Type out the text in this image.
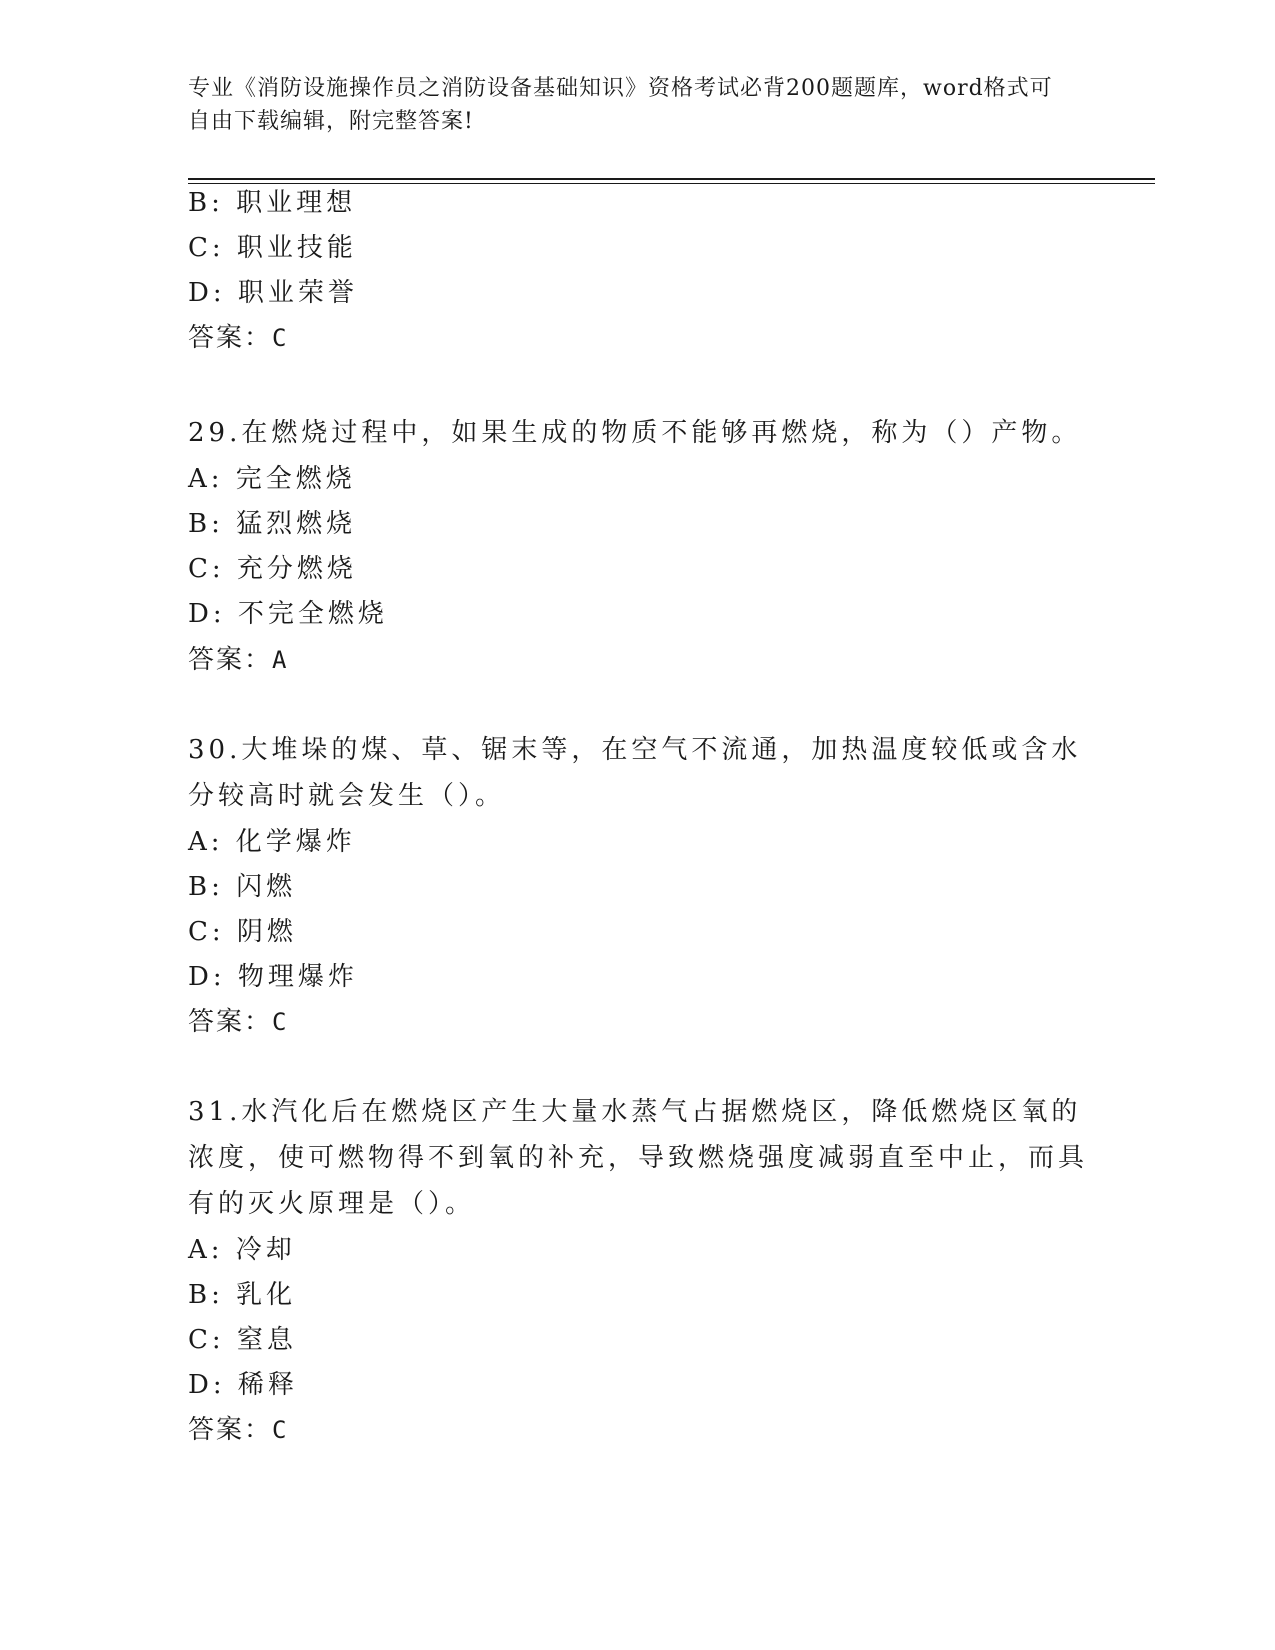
专业《消防设施操作员之消防设备基础知识》资格考试必背200题题库，word格式可自由下载编辑，附完整答案!
B: 职业理想
C: 职业技能
D: 职业荣誉
答案：C
29.在燃烧过程中，如果生成的物质不能够再燃烧，称为（）产物。
A: 完全燃烧
B: 猛烈燃烧
C: 充分燃烧
D: 不完全燃烧
答案：A
30.大堆垛的煤、草、锯末等，在空气不流通，加热温度较低或含水分较高时就会发生（）。
A: 化学爆炸
B: 闪燃
C: 阴燃
D: 物理爆炸
答案：C
31.水汽化后在燃烧区产生大量水蒸气占据燃烧区，降低燃烧区氧的浓度，使可燃物得不到氧的补充，导致燃烧强度减弱直至中止，而具有的灭火原理是（）。
A: 冷却
B: 乳化
C: 窒息
D: 稀释
答案：C
